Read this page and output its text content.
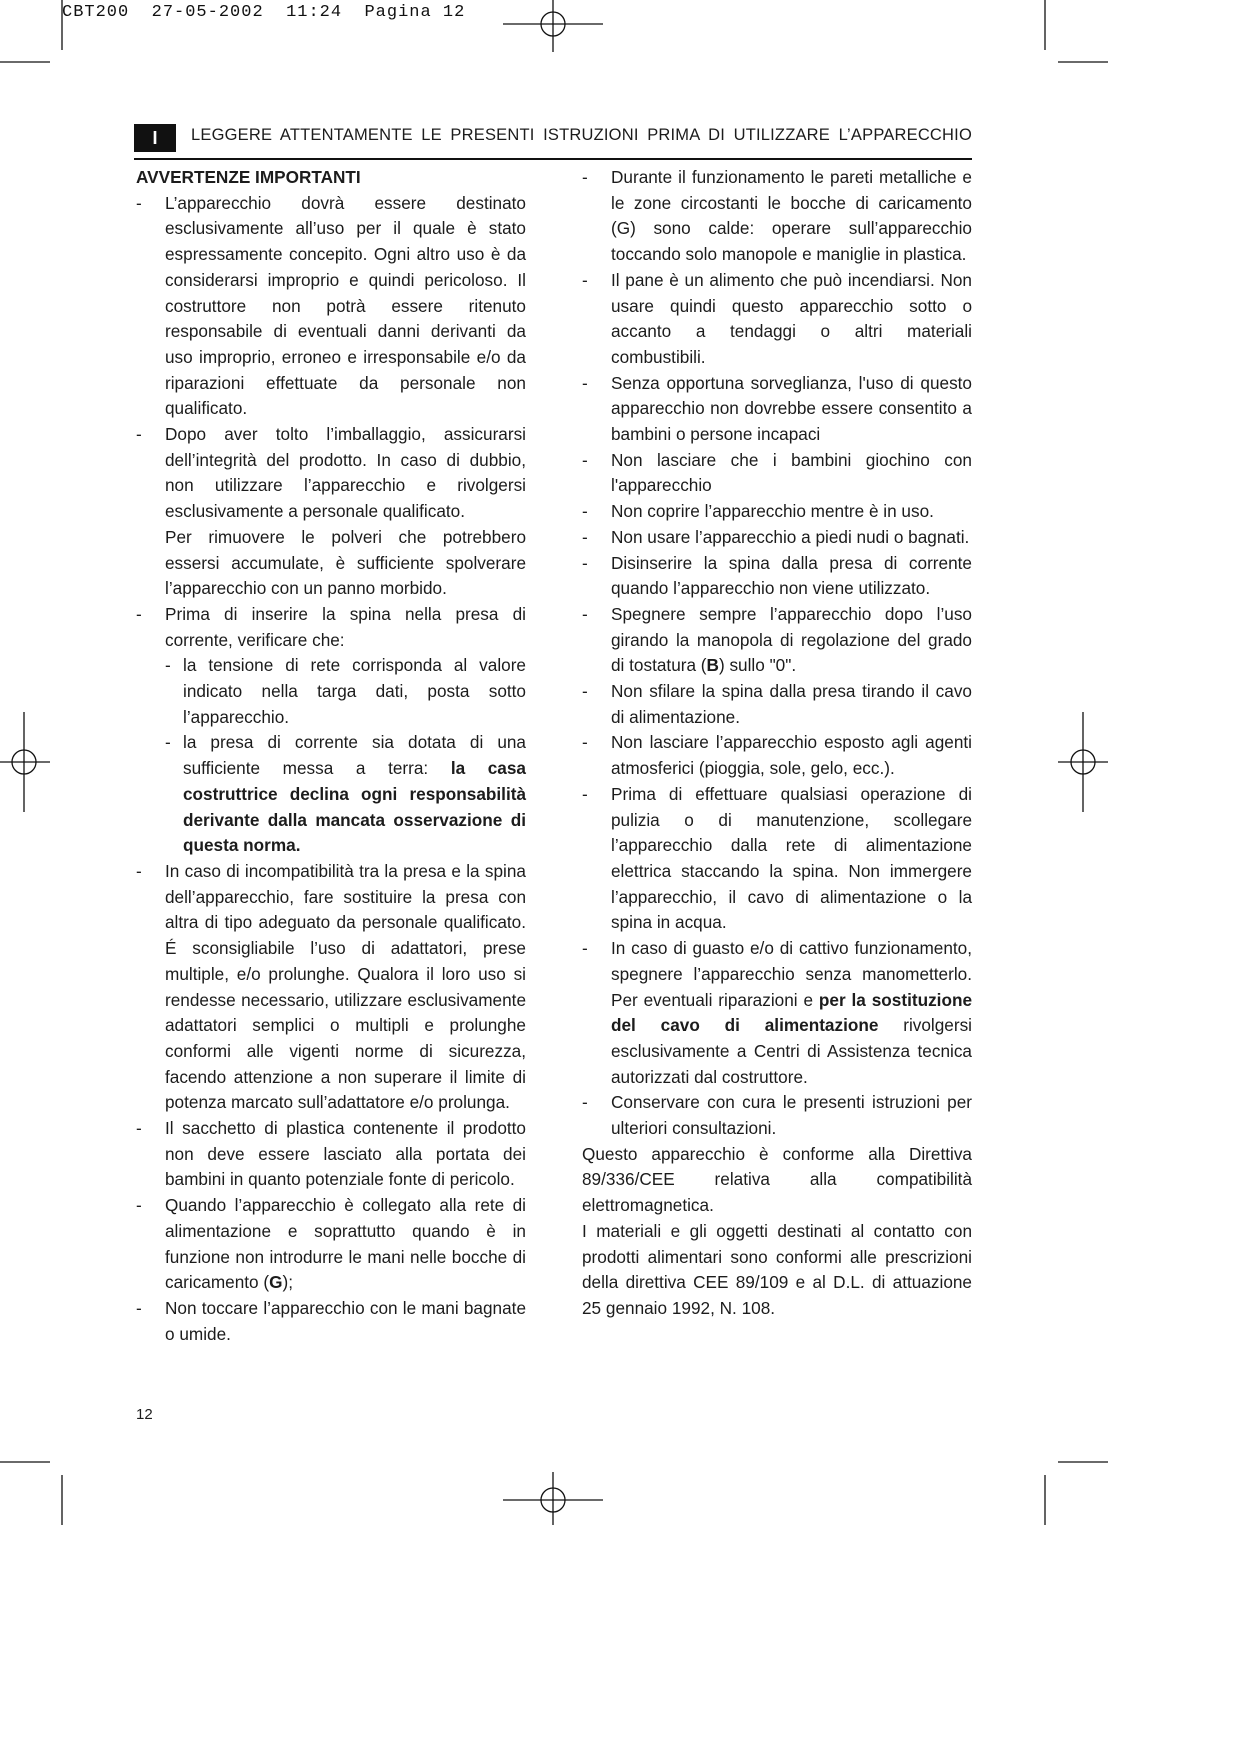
CBT200 27-05-2002 11:24 Pagina 12
I	LEGGERE ATTENTAMENTE LE PRESENTI ISTRUZIONI PRIMA DI UTILIZZARE L’APPARECCHIO
AVVERTENZE IMPORTANTI
- L’apparecchio dovrà essere destinato esclusivamente all’uso per il quale è stato espressamente concepito. Ogni altro uso è da considerarsi improprio e quindi pericoloso. Il costruttore non potrà essere ritenuto responsabile di eventuali danni derivanti da uso improprio, erroneo e irresponsabile e/o da riparazioni effettuate da personale non qualificato.
- Dopo aver tolto l’imballaggio, assicurarsi dell’integrità del prodotto. In caso di dubbio, non utilizzare l’apparecchio e rivolgersi esclusivamente a personale qualificato.
Per rimuovere le polveri che potrebbero essersi accumulate, è sufficiente spolverare l’apparecchio con un panno morbido.
- Prima di inserire la spina nella presa di corrente, verificare che:
- la tensione di rete corrisponda al valore indicato nella targa dati, posta sotto l’apparecchio.
- la presa di corrente sia dotata di una sufficiente messa a terra: la casa costruttrice declina ogni responsabilità derivante dalla mancata osservazione di questa norma.
- In caso di incompatibilità tra la presa e la spina dell’apparecchio, fare sostituire la presa con altra di tipo adeguato da personale qualificato. É sconsigliabile l’uso di adattatori, prese multiple, e/o prolunghe. Qualora il loro uso si rendesse necessario, utilizzare esclusivamente adattatori semplici o multipli e prolunghe conformi alle vigenti norme di sicurezza, facendo attenzione a non superare il limite di potenza marcato sull’adattatore e/o prolunga.
- Il sacchetto di plastica contenente il prodotto non deve essere lasciato alla portata dei bambini in quanto potenziale fonte di pericolo.
- Quando l’apparecchio è collegato alla rete di alimentazione e soprattutto quando è in funzione non introdurre le mani nelle bocche di caricamento (G);
- Non toccare l’apparecchio con le mani bagnate o umide.
- Durante il funzionamento le pareti metalliche e le zone circostanti le bocche di caricamento (G) sono calde: operare sull’apparecchio toccando solo manopole e maniglie in plastica.
- Il pane è un alimento che può incendiarsi. Non usare quindi questo apparecchio sotto o accanto a tendaggi o altri materiali combustibili.
- Senza opportuna sorveglianza, l'uso di questo apparecchio non dovrebbe essere consentito a bambini o persone incapaci
- Non lasciare che i bambini giochino con l'apparecchio
- Non coprire l’apparecchio mentre è in uso.
- Non usare l’apparecchio a piedi nudi o bagnati.
- Disinserire la spina dalla presa di corrente quando l’apparecchio non viene utilizzato.
- Spegnere sempre l’apparecchio dopo l’uso girando la manopola di regolazione del grado di tostatura (B) sullo "0".
- Non sfilare la spina dalla presa tirando il cavo di alimentazione.
- Non lasciare l’apparecchio esposto agli agenti atmosferici (pioggia, sole, gelo, ecc.).
- Prima di effettuare qualsiasi operazione di pulizia o di manutenzione, scollegare l’apparecchio dalla rete di alimentazione elettrica staccando la spina. Non immergere l’apparecchio, il cavo di alimentazione o la spina in acqua.
- In caso di guasto e/o di cattivo funzionamento, spegnere l’apparecchio senza manometterlo. Per eventuali riparazioni e per la sostituzione del cavo di alimentazione rivolgersi esclusivamente a Centri di Assistenza tecnica autorizzati dal costruttore.
- Conservare con cura le presenti istruzioni per ulteriori consultazioni.
Questo apparecchio è conforme alla Direttiva 89/336/CEE relativa alla compatibilità elettromagnetica.
I materiali e gli oggetti destinati al contatto con prodotti alimentari sono conformi alle prescrizioni della direttiva CEE 89/109 e al D.L. di attuazione 25 gennaio 1992, N. 108.
12
